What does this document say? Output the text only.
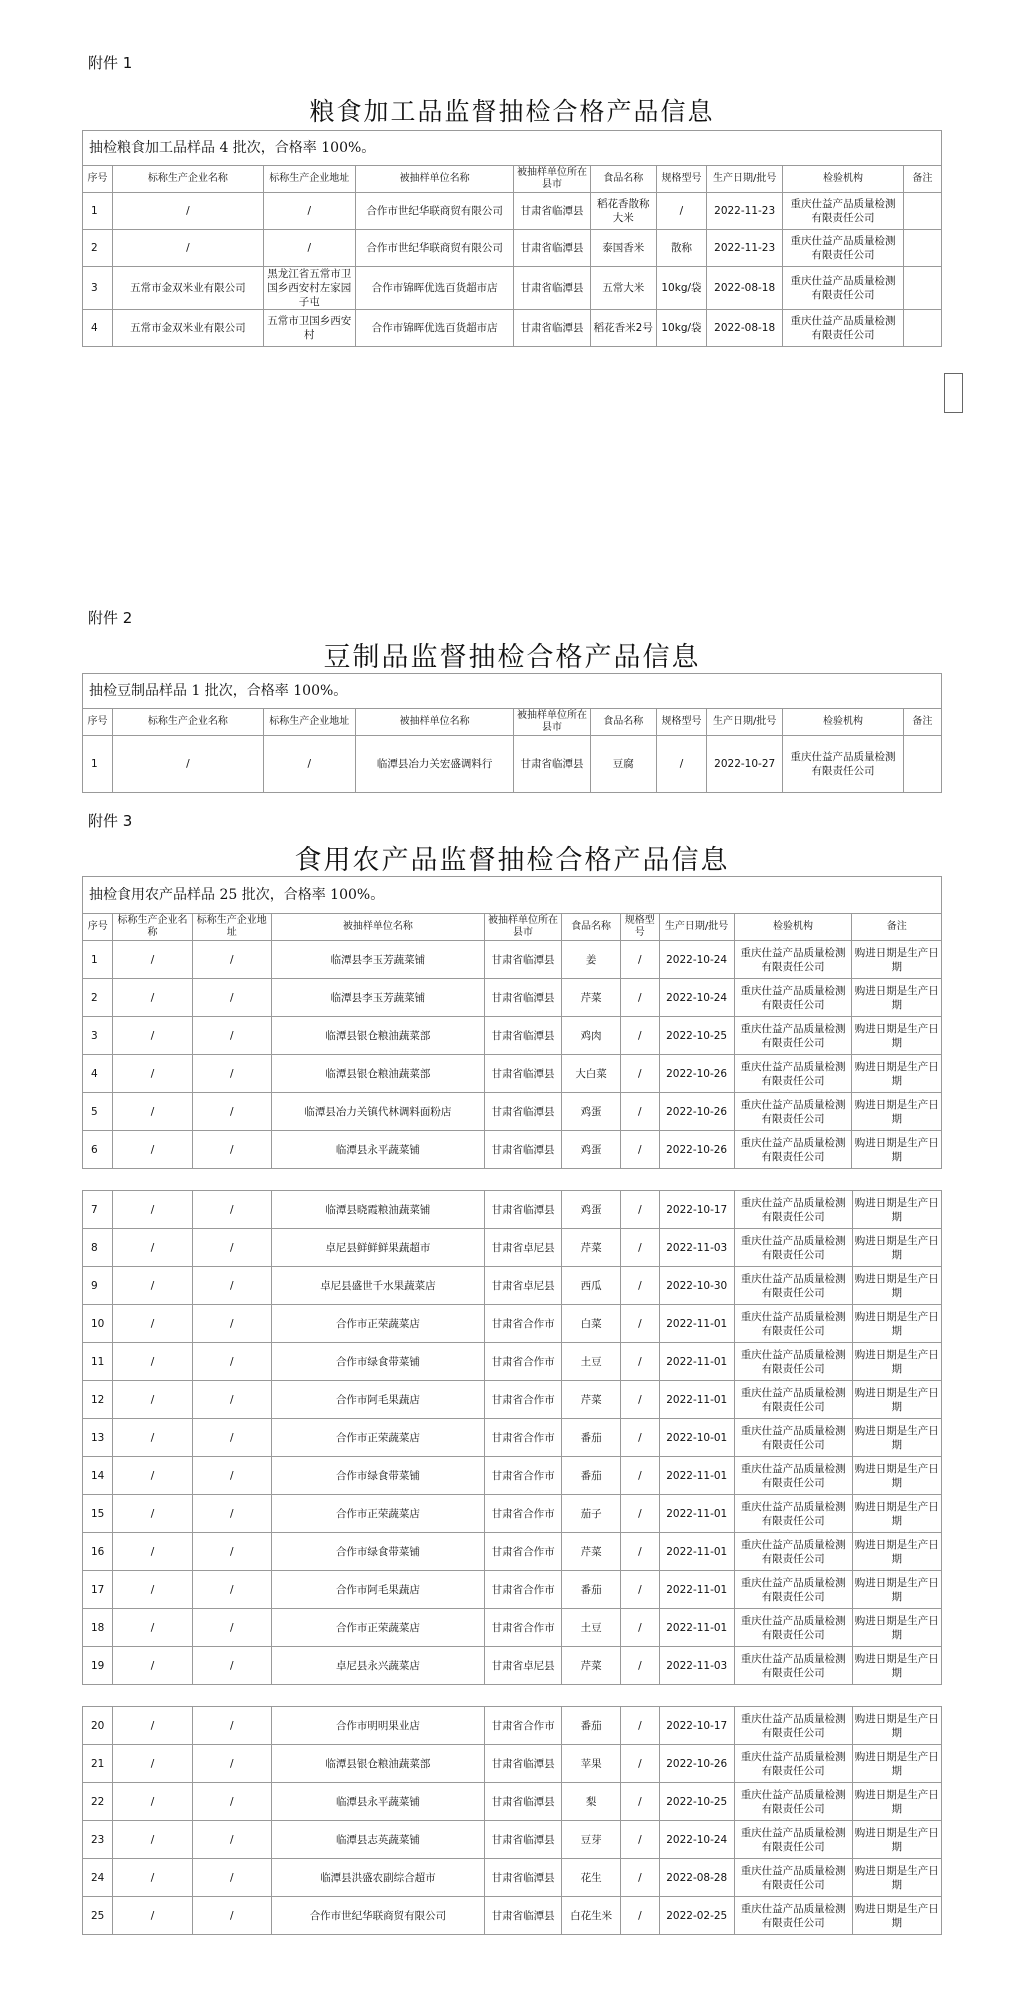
附件 1
粮食加工品监督抽检合格产品信息
抽检粮食加工品样品 4 批次，合格率 100%。									
序号	标称生产企业名称	标称生产企业地址	被抽样单位名称	被抽样单位所在县市	食品名称	规格型号	生产日期/批号	检验机构	备注
1	/	/	合作市世纪华联商贸有限公司	甘肃省临潭县	稻花香散称大米	/	2022-11-23	重庆仕益产品质量检测有限责任公司	
2	/	/	合作市世纪华联商贸有限公司	甘肃省临潭县	泰国香米	散称	2022-11-23	重庆仕益产品质量检测有限责任公司	
3	五常市金双米业有限公司	黑龙江省五常市卫国乡西安村左家园子屯	合作市锦晖优选百货超市店	甘肃省临潭县	五常大米	10kg/袋	2022-08-18	重庆仕益产品质量检测有限责任公司	
4	五常市金双米业有限公司	五常市卫国乡西安村	合作市锦晖优选百货超市店	甘肃省临潭县	稻花香米2号	10kg/袋	2022-08-18	重庆仕益产品质量检测有限责任公司	
附件 2
豆制品监督抽检合格产品信息
抽检豆制品样品 1 批次，合格率 100%。									
序号	标称生产企业名称	标称生产企业地址	被抽样单位名称	被抽样单位所在县市	食品名称	规格型号	生产日期/批号	检验机构	备注
1	/	/	临潭县冶力关宏盛调料行	甘肃省临潭县	豆腐	/	2022-10-27	重庆仕益产品质量检测有限责任公司	
附件 3
食用农产品监督抽检合格产品信息
抽检食用农产品样品 25 批次，合格率 100%。									
序号	标称生产企业名称	标称生产企业地址	被抽样单位名称	被抽样单位所在县市	食品名称	规格型号	生产日期/批号	检验机构	备注
1	/	/	临潭县李玉芳蔬菜铺	甘肃省临潭县	姜	/	2022-10-24	重庆仕益产品质量检测有限责任公司	购进日期是生产日期
2	/	/	临潭县李玉芳蔬菜铺	甘肃省临潭县	芹菜	/	2022-10-24	重庆仕益产品质量检测有限责任公司	购进日期是生产日期
3	/	/	临潭县银仓粮油蔬菜部	甘肃省临潭县	鸡肉	/	2022-10-25	重庆仕益产品质量检测有限责任公司	购进日期是生产日期
4	/	/	临潭县银仓粮油蔬菜部	甘肃省临潭县	大白菜	/	2022-10-26	重庆仕益产品质量检测有限责任公司	购进日期是生产日期
5	/	/	临潭县冶力关镇代林调料面粉店	甘肃省临潭县	鸡蛋	/	2022-10-26	重庆仕益产品质量检测有限责任公司	购进日期是生产日期
6	/	/	临潭县永平蔬菜铺	甘肃省临潭县	鸡蛋	/	2022-10-26	重庆仕益产品质量检测有限责任公司	购进日期是生产日期
7	/	/	临潭县晓霞粮油蔬菜铺	甘肃省临潭县	鸡蛋	/	2022-10-17	重庆仕益产品质量检测有限责任公司	购进日期是生产日期
8	/	/	卓尼县鲜鲜鲜果蔬超市	甘肃省卓尼县	芹菜	/	2022-11-03	重庆仕益产品质量检测有限责任公司	购进日期是生产日期
9	/	/	卓尼县盛世千水果蔬菜店	甘肃省卓尼县	西瓜	/	2022-10-30	重庆仕益产品质量检测有限责任公司	购进日期是生产日期
10	/	/	合作市正荣蔬菜店	甘肃省合作市	白菜	/	2022-11-01	重庆仕益产品质量检测有限责任公司	购进日期是生产日期
11	/	/	合作市绿食带菜铺	甘肃省合作市	土豆	/	2022-11-01	重庆仕益产品质量检测有限责任公司	购进日期是生产日期
12	/	/	合作市阿毛果蔬店	甘肃省合作市	芹菜	/	2022-11-01	重庆仕益产品质量检测有限责任公司	购进日期是生产日期
13	/	/	合作市正荣蔬菜店	甘肃省合作市	番茄	/	2022-10-01	重庆仕益产品质量检测有限责任公司	购进日期是生产日期
14	/	/	合作市绿食带菜铺	甘肃省合作市	番茄	/	2022-11-01	重庆仕益产品质量检测有限责任公司	购进日期是生产日期
15	/	/	合作市正荣蔬菜店	甘肃省合作市	茄子	/	2022-11-01	重庆仕益产品质量检测有限责任公司	购进日期是生产日期
16	/	/	合作市绿食带菜铺	甘肃省合作市	芹菜	/	2022-11-01	重庆仕益产品质量检测有限责任公司	购进日期是生产日期
17	/	/	合作市阿毛果蔬店	甘肃省合作市	番茄	/	2022-11-01	重庆仕益产品质量检测有限责任公司	购进日期是生产日期
18	/	/	合作市正荣蔬菜店	甘肃省合作市	土豆	/	2022-11-01	重庆仕益产品质量检测有限责任公司	购进日期是生产日期
19	/	/	卓尼县永兴蔬菜店	甘肃省卓尼县	芹菜	/	2022-11-03	重庆仕益产品质量检测有限责任公司	购进日期是生产日期
20	/	/	合作市明明果业店	甘肃省合作市	番茄	/	2022-10-17	重庆仕益产品质量检测有限责任公司	购进日期是生产日期
21	/	/	临潭县银仓粮油蔬菜部	甘肃省临潭县	苹果	/	2022-10-26	重庆仕益产品质量检测有限责任公司	购进日期是生产日期
22	/	/	临潭县永平蔬菜铺	甘肃省临潭县	梨	/	2022-10-25	重庆仕益产品质量检测有限责任公司	购进日期是生产日期
23	/	/	临潭县志英蔬菜铺	甘肃省临潭县	豆芽	/	2022-10-24	重庆仕益产品质量检测有限责任公司	购进日期是生产日期
24	/	/	临潭县洪盛农副综合超市	甘肃省临潭县	花生	/	2022-08-28	重庆仕益产品质量检测有限责任公司	购进日期是生产日期
25	/	/	合作市世纪华联商贸有限公司	甘肃省临潭县	白花生米	/	2022-02-25	重庆仕益产品质量检测有限责任公司	购进日期是生产日期
